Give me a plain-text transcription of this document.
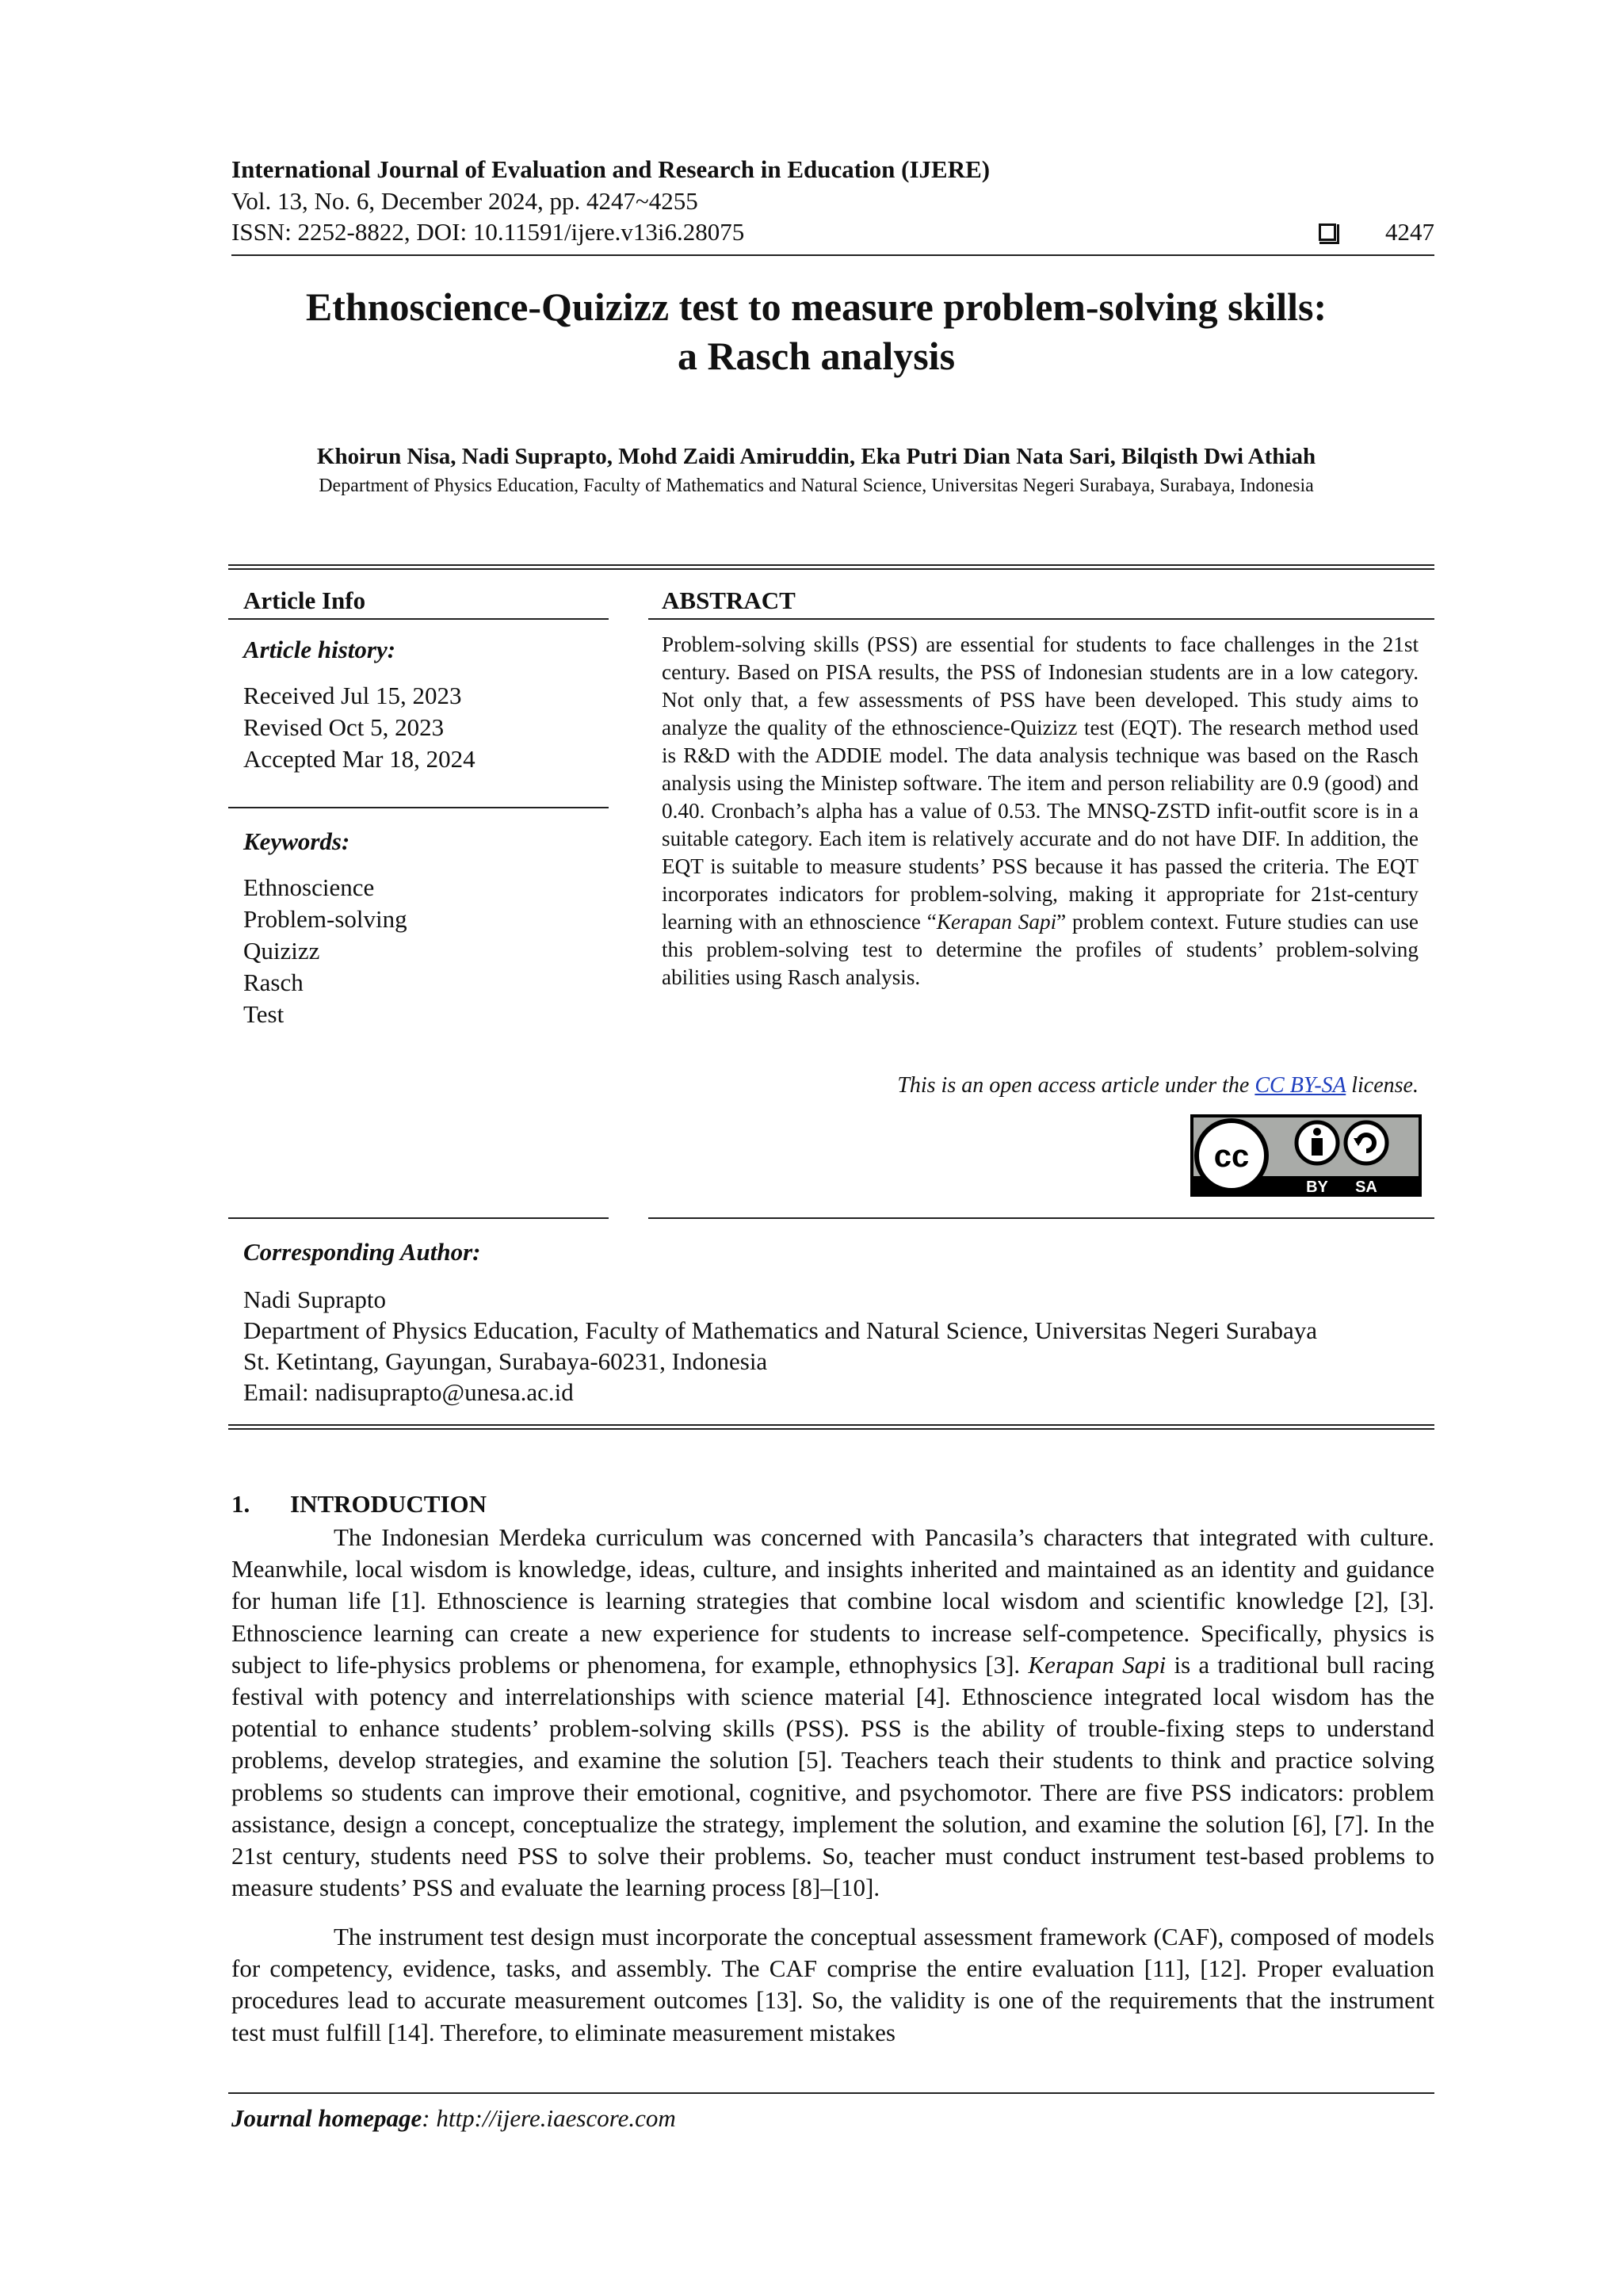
International Journal of Evaluation and Research in Education (IJERE)
Vol. 13, No. 6, December 2024, pp. 4247~4255
ISSN: 2252-8822, DOI: 10.11591/ijere.v13i6.28075	4247
Ethnoscience-Quizizz test to measure problem-solving skills:
a Rasch analysis
Khoirun Nisa, Nadi Suprapto, Mohd Zaidi Amiruddin, Eka Putri Dian Nata Sari, Bilqisth Dwi Athiah
Department of Physics Education, Faculty of Mathematics and Natural Science, Universitas Negeri Surabaya, Surabaya, Indonesia
Article Info
Article history:
Received Jul 15, 2023
Revised Oct 5, 2023
Accepted Mar 18, 2024
Keywords:
Ethnoscience
Problem-solving
Quizizz
Rasch
Test
ABSTRACT
Problem-solving skills (PSS) are essential for students to face challenges in the 21st century. Based on PISA results, the PSS of Indonesian students are in a low category. Not only that, a few assessments of PSS have been developed. This study aims to analyze the quality of the ethnoscience-Quizizz test (EQT). The research method used is R&D with the ADDIE model. The data analysis technique was based on the Rasch analysis using the Ministep software. The item and person reliability are 0.9 (good) and 0.40. Cronbach’s alpha has a value of 0.53. The MNSQ-ZSTD infit-outfit score is in a suitable category. Each item is relatively accurate and do not have DIF. In addition, the EQT is suitable to measure students’ PSS because it has passed the criteria. The EQT incorporates indicators for problem-solving, making it appropriate for 21st-century learning with an ethnoscience “Kerapan Sapi” problem context. Future studies can use this problem-solving test to determine the profiles of students’ problem-solving abilities using Rasch analysis.
This is an open access article under the CC BY-SA license.
cc
BY SA
Corresponding Author:
Nadi Suprapto
Department of Physics Education, Faculty of Mathematics and Natural Science, Universitas Negeri Surabaya
St. Ketintang, Gayungan, Surabaya-60231, Indonesia
Email: nadisuprapto@unesa.ac.id
1. INTRODUCTION
The Indonesian Merdeka curriculum was concerned with Pancasila’s characters that integrated with culture. Meanwhile, local wisdom is knowledge, ideas, culture, and insights inherited and maintained as an identity and guidance for human life [1]. Ethnoscience is learning strategies that combine local wisdom and scientific knowledge [2], [3]. Ethnoscience learning can create a new experience for students to increase self-competence. Specifically, physics is subject to life-physics problems or phenomena, for example, ethnophysics [3]. Kerapan Sapi is a traditional bull racing festival with potency and interrelationships with science material [4]. Ethnoscience integrated local wisdom has the potential to enhance students’ problem-solving skills (PSS). PSS is the ability of trouble-fixing steps to understand problems, develop strategies, and examine the solution [5]. Teachers teach their students to think and practice solving problems so students can improve their emotional, cognitive, and psychomotor. There are five PSS indicators: problem assistance, design a concept, conceptualize the strategy, implement the solution, and examine the solution [6], [7]. In the 21st century, students need PSS to solve their problems. So, teacher must conduct instrument test-based problems to measure students’ PSS and evaluate the learning process [8]–[10].
The instrument test design must incorporate the conceptual assessment framework (CAF), composed of models for competency, evidence, tasks, and assembly. The CAF comprise the entire evaluation [11], [12]. Proper evaluation procedures lead to accurate measurement outcomes [13]. So, the validity is one of the requirements that the instrument test must fulfill [14]. Therefore, to eliminate measurement mistakes
Journal homepage: http://ijere.iaescore.com
